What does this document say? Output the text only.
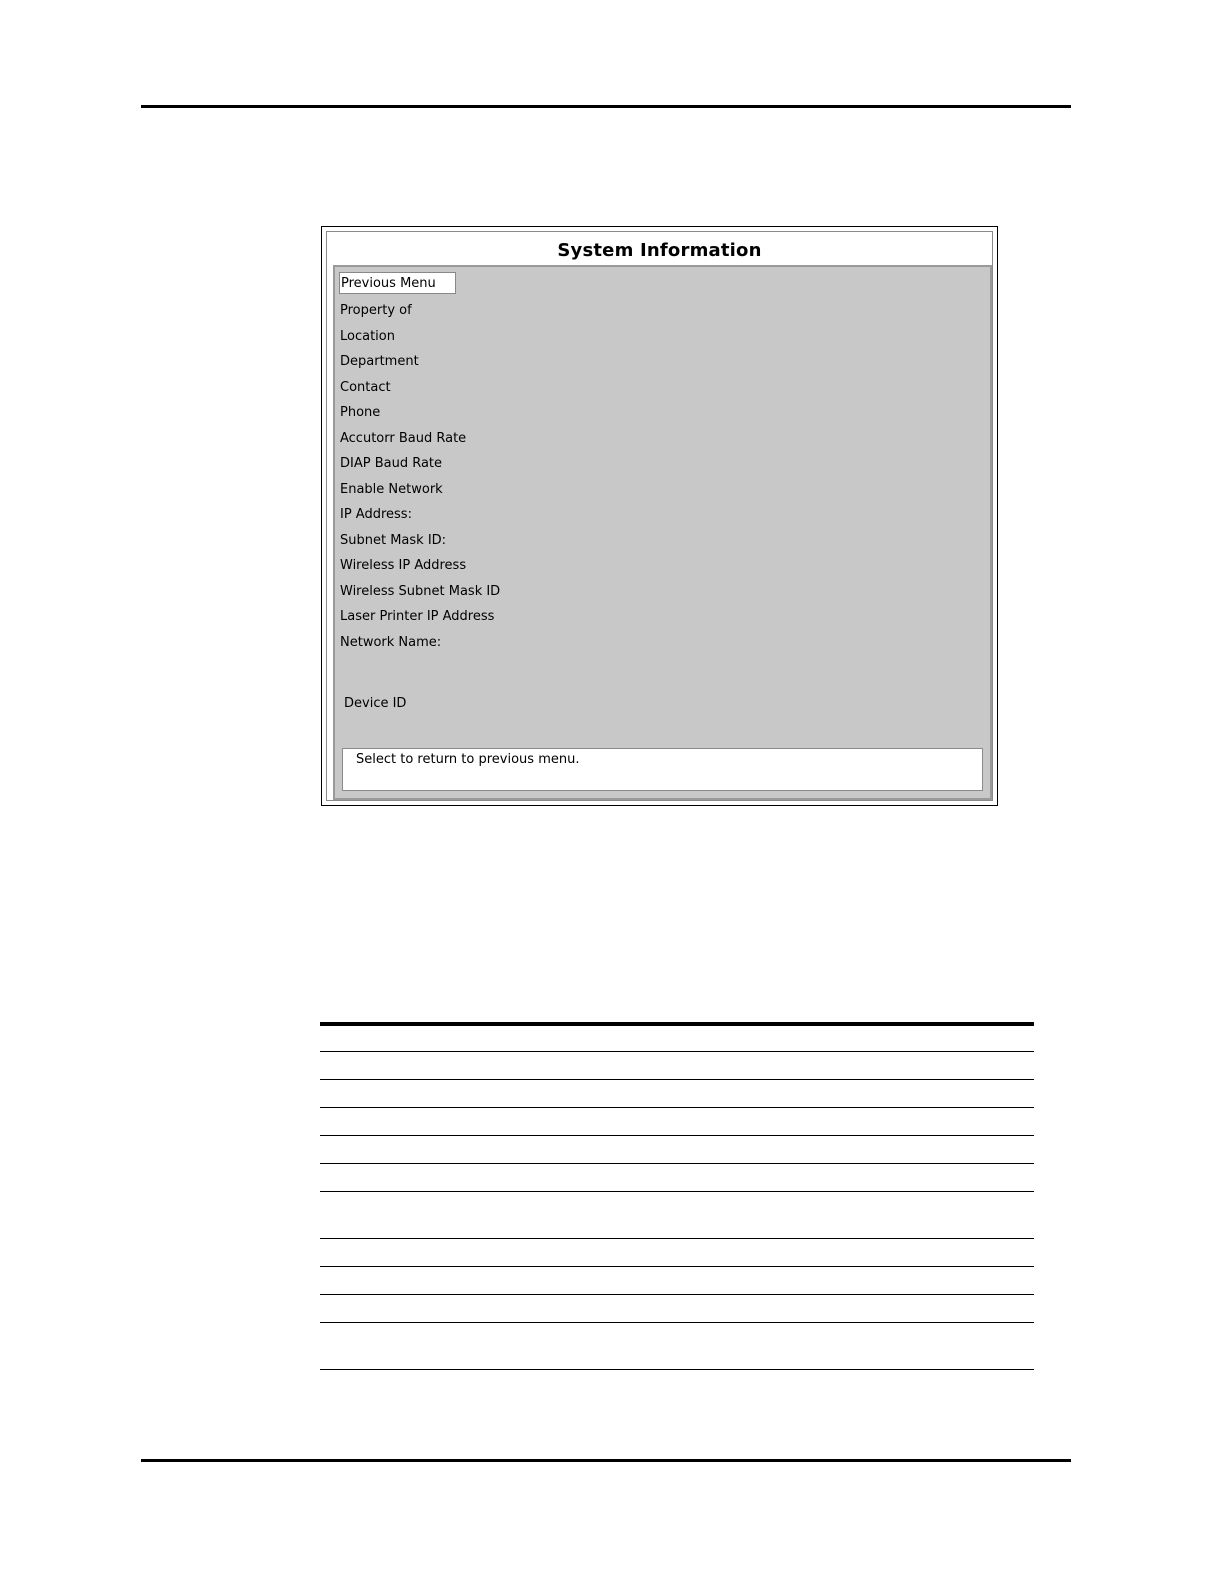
System Information
Previous Menu
Property of
Location
Department
Contact
Phone
Accutorr Baud Rate
DIAP Baud Rate
Enable Network
IP Address:
Subnet Mask ID:
Wireless IP Address
Wireless Subnet Mask ID
Laser Printer IP Address
Network Name:
Device ID
Select to return to previous menu.
